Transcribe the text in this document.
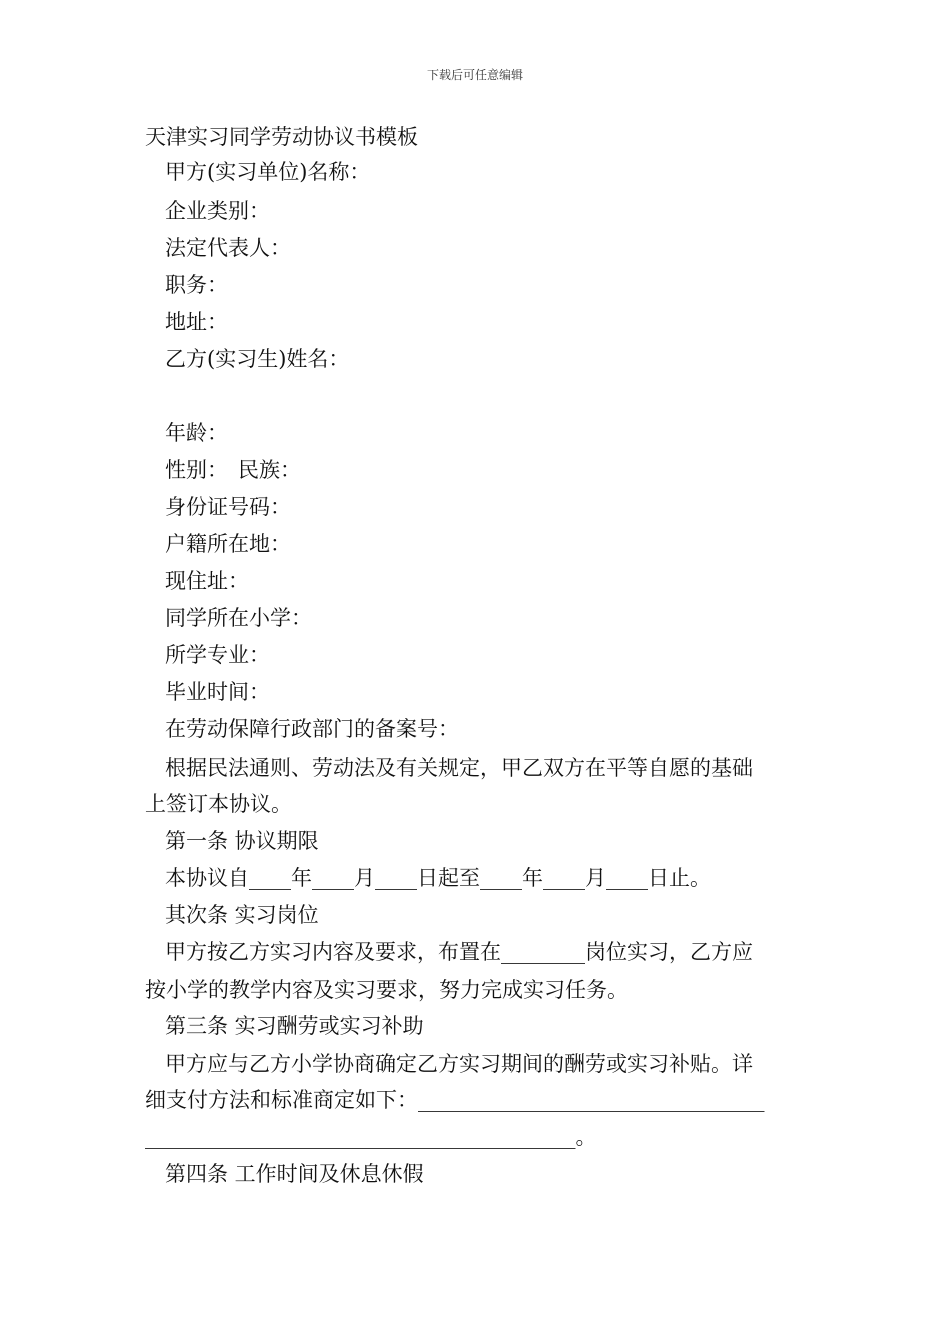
下载后可任意编辑
天津实习同学劳动协议书模板
甲方(实习单位)名称：
企业类别：
法定代表人：
职务：
地址：
乙方(实习生)姓名：
年龄：
性别： 民族：
身份证号码：
户籍所在地：
现住址：
同学所在小学：
所学专业：
毕业时间：
在劳动保障行政部门的备案号：
根据民法通则、劳动法及有关规定，甲乙双方在平等自愿的基础
上签订本协议。
第一条 协议期限
本协议自____年____月____日起至____年____月____日止。
其次条 实习岗位
甲方按乙方实习内容及要求，布置在________岗位实习，乙方应
按小学的教学内容及实习要求，努力完成实习任务。
第三条 实习酬劳或实习补助
甲方应与乙方小学协商确定乙方实习期间的酬劳或实习补贴。详
细支付方法和标准商定如下：_________________________________
_________________________________________。
第四条 工作时间及休息休假
